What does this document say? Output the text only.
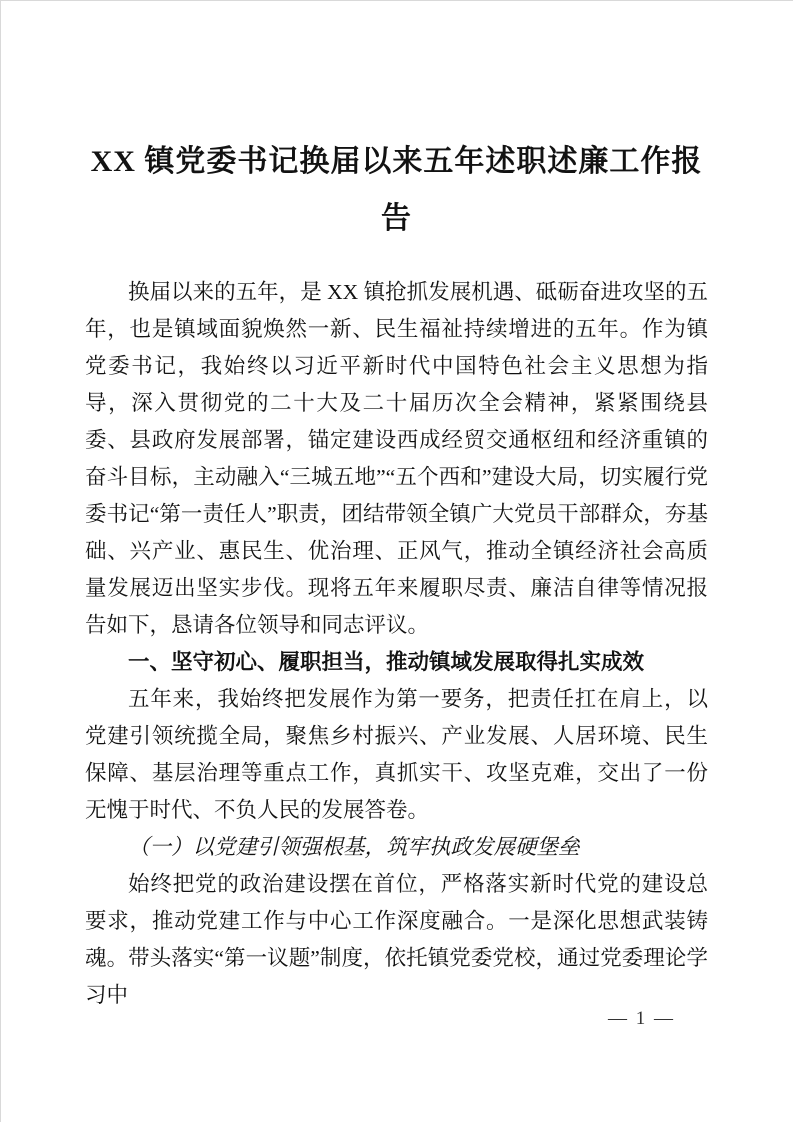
XX 镇党委书记换届以来五年述职述廉工作报
告

换届以来的五年，是 XX 镇抢抓发展机遇、砥砺奋进攻坚的五年，也是镇域面貌焕然一新、民生福祉持续增进的五年。作为镇党委书记，我始终以习近平新时代中国特色社会主义思想为指导，深入贯彻党的二十大及二十届历次全会精神，紧紧围绕县委、县政府发展部署，锚定建设西成经贸交通枢纽和经济重镇的奋斗目标，主动融入“三城五地”“五个西和”建设大局，切实履行党委书记“第一责任人”职责，团结带领全镇广大党员干部群众，夯基础、兴产业、惠民生、优治理、正风气，推动全镇经济社会高质量发展迈出坚实步伐。现将五年来履职尽责、廉洁自律等情况报告如下，恳请各位领导和同志评议。

一、坚守初心、履职担当，推动镇域发展取得扎实成效

五年来，我始终把发展作为第一要务，把责任扛在肩上，以党建引领统揽全局，聚焦乡村振兴、产业发展、人居环境、民生保障、基层治理等重点工作，真抓实干、攻坚克难，交出了一份无愧于时代、不负人民的发展答卷。

（一）以党建引领强根基，筑牢执政发展硬堡垒

始终把党的政治建设摆在首位，严格落实新时代党的建设总要求，推动党建工作与中心工作深度融合。一是深化思想武装铸魂。带头落实“第一议题”制度，依托镇党委党校，通过党委理论学习中

— 1 —
